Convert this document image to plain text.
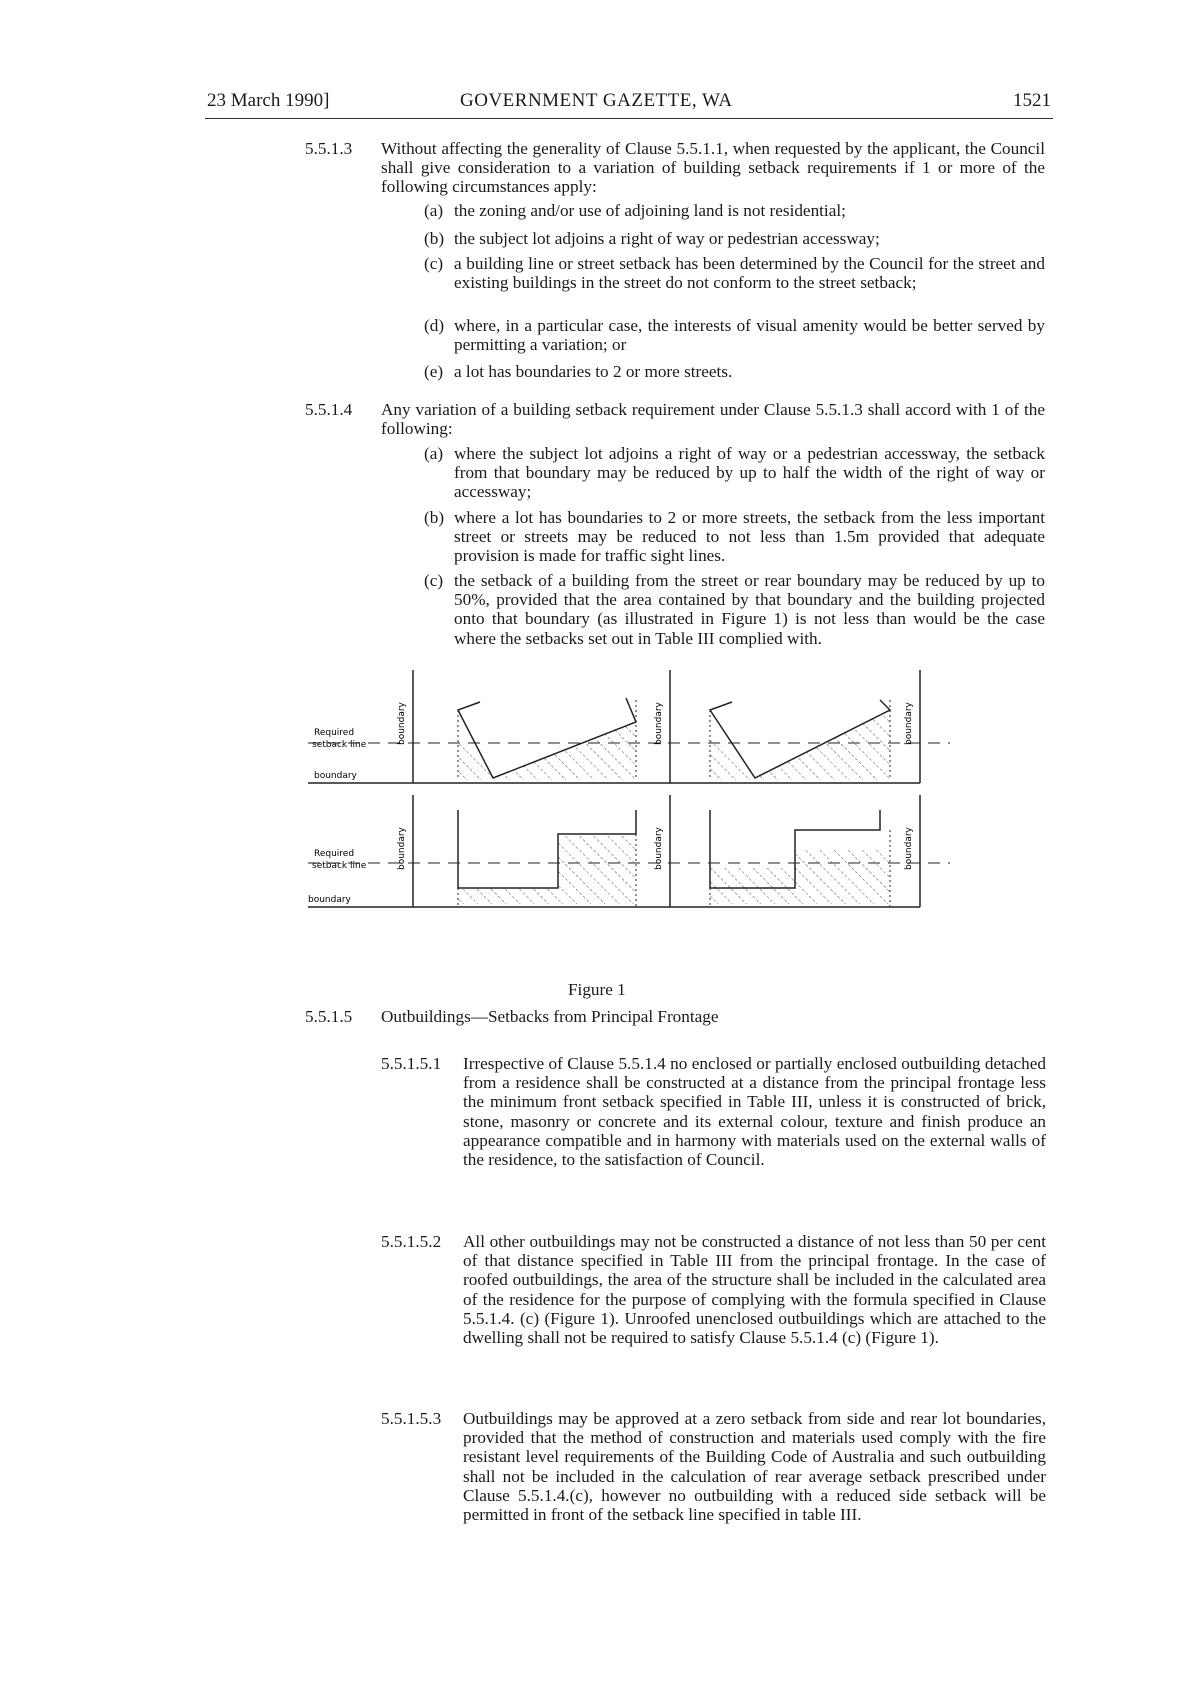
23 March 1990]	GOVERNMENT GAZETTE, WA	1521
5.5.1.3 Without affecting the generality of Clause 5.5.1.1, when requested by the applicant, the Council shall give consideration to a variation of building setback requirements if 1 or more of the following circumstances apply:
(a) the zoning and/or use of adjoining land is not residential;
(b) the subject lot adjoins a right of way or pedestrian accessway;
(c) a building line or street setback has been determined by the Council for the street and existing buildings in the street do not conform to the street setback;
(d) where, in a particular case, the interests of visual amenity would be better served by permitting a variation; or
(e) a lot has boundaries to 2 or more streets.
5.5.1.4 Any variation of a building setback requirement under Clause 5.5.1.3 shall accord with 1 of the following:
(a) where the subject lot adjoins a right of way or a pedestrian accessway, the setback from that boundary may be reduced by up to half the width of the right of way or accessway;
(b) where a lot has boundaries to 2 or more streets, the setback from the less important street or streets may be reduced to not less than 1.5m provided that adequate provision is made for traffic sight lines.
(c) the setback of a building from the street or rear boundary may be reduced by up to 50%, provided that the area contained by that boundary and the building projected onto that boundary (as illustrated in Figure 1) is not less than would be the case where the setbacks set out in Table III complied with.
Required
setback line
boundary
boundary	boundary	boundary
Required
setback line
boundary
boundary	boundary	boundary
Figure 1
5.5.1.5 Outbuildings—Setbacks from Principal Frontage
5.5.1.5.1 Irrespective of Clause 5.5.1.4 no enclosed or partially enclosed outbuilding detached from a residence shall be constructed at a distance from the principal frontage less the minimum front setback specified in Table III, unless it is constructed of brick, stone, masonry or concrete and its external colour, texture and finish produce an appearance compatible and in harmony with materials used on the external walls of the residence, to the satisfaction of Council.
5.5.1.5.2 All other outbuildings may not be constructed a distance of not less than 50 per cent of that distance specified in Table III from the principal frontage. In the case of roofed outbuildings, the area of the structure shall be included in the calculated area of the residence for the purpose of complying with the formula specified in Clause 5.5.1.4. (c) (Figure 1). Unroofed unenclosed outbuildings which are attached to the dwelling shall not be required to satisfy Clause 5.5.1.4 (c) (Figure 1).
5.5.1.5.3 Outbuildings may be approved at a zero setback from side and rear lot boundaries, provided that the method of construction and materials used comply with the fire resistant level requirements of the Building Code of Australia and such outbuilding shall not be included in the calculation of rear average setback prescribed under Clause 5.5.1.4.(c), however no outbuilding with a reduced side setback will be permitted in front of the setback line specified in table III.
